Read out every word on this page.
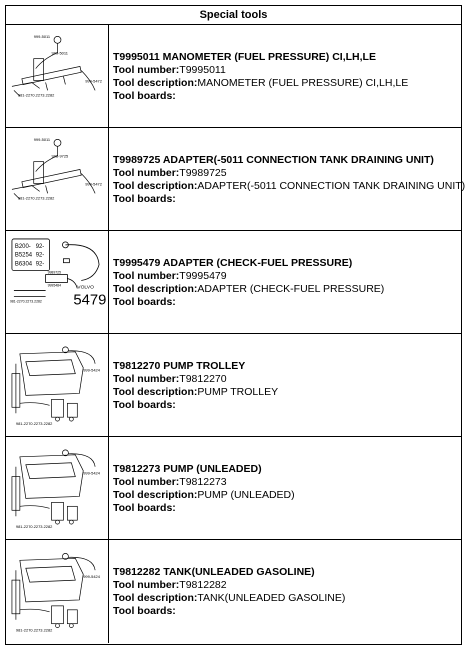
Special tools
999-5011
999-5011
999-5472
981-2270.2273.2282
T9995011 MANOMETER (FUEL PRESSURE) CI,LH,LE
Tool number:T9995011
Tool description:MANOMETER (FUEL PRESSURE) CI,LH,LE
Tool boards:
999-5011
998-9725
999-5472
981-2270.2273.2282
T9989725 ADAPTER(-5011 CONNECTION TANK DRAINING UNIT)
Tool number:T9989725
Tool description:ADAPTER(-5011 CONNECTION TANK DRAINING UNIT)
Tool boards:
B200- 92-
B5254 92-
B6304 92-
VOLVO
5479
9989725
9995484
981-2270.2273.2282
T9995479 ADAPTER (CHECK-FUEL PRESSURE)
Tool number:T9995479
Tool description:ADAPTER (CHECK-FUEL PRESSURE)
Tool boards:
999-5424
981-2270.2273.2282
T9812270 PUMP TROLLEY
Tool number:T9812270
Tool description:PUMP TROLLEY
Tool boards:
999-5424
981-2270.2273.2282
T9812273 PUMP (UNLEADED)
Tool number:T9812273
Tool description:PUMP (UNLEADED)
Tool boards:
999-5424
981-2270.2273.2282
T9812282 TANK(UNLEADED GASOLINE)
Tool number:T9812282
Tool description:TANK(UNLEADED GASOLINE)
Tool boards:
